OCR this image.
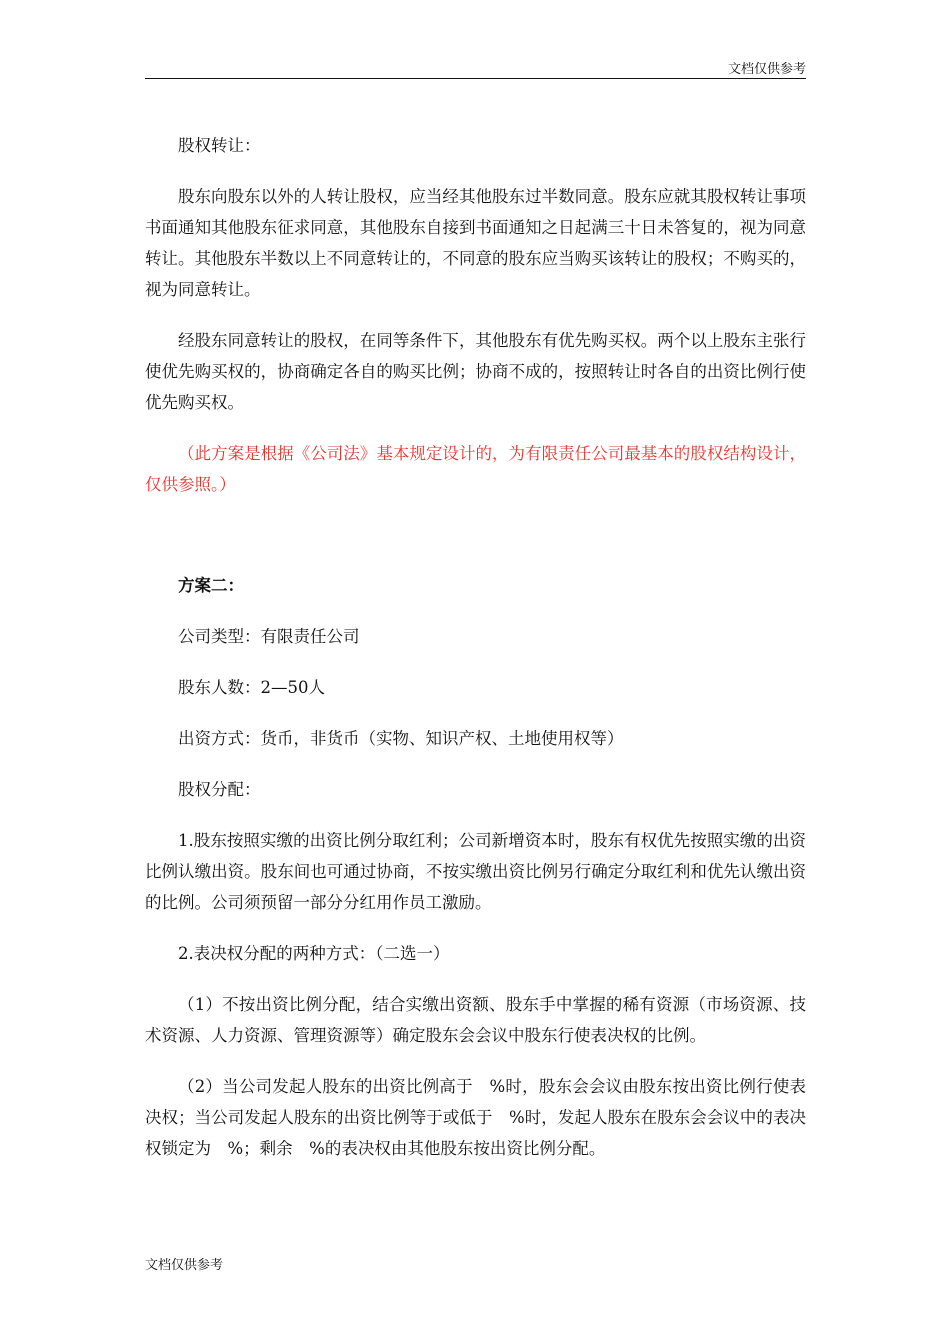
文档仅供参考

股权转让：

股东向股东以外的人转让股权，应当经其他股东过半数同意。股东应就其股权转让事项书面通知其他股东征求同意，其他股东自接到书面通知之日起满三十日未答复的，视为同意转让。其他股东半数以上不同意转让的，不同意的股东应当购买该转让的股权；不购买的，视为同意转让。

经股东同意转让的股权，在同等条件下，其他股东有优先购买权。两个以上股东主张行使优先购买权的，协商确定各自的购买比例；协商不成的，按照转让时各自的出资比例行使优先购买权。

（此方案是根据《公司法》基本规定设计的，为有限责任公司最基本的股权结构设计，仅供参照。）

方案二：

公司类型：有限责任公司

股东人数：2—50人

出资方式：货币，非货币（实物、知识产权、土地使用权等）

股权分配：

1.股东按照实缴的出资比例分取红利；公司新增资本时，股东有权优先按照实缴的出资比例认缴出资。股东间也可通过协商，不按实缴出资比例另行确定分取红利和优先认缴出资的比例。公司须预留一部分分红用作员工激励。

2.表决权分配的两种方式：（二选一）

（1）不按出资比例分配，结合实缴出资额、股东手中掌握的稀有资源（市场资源、技术资源、人力资源、管理资源等）确定股东会会议中股东行使表决权的比例。

（2）当公司发起人股东的出资比例高于　%时，股东会会议由股东按出资比例行使表决权；当公司发起人股东的出资比例等于或低于　%时，发起人股东在股东会会议中的表决权锁定为　%；剩余　%的表决权由其他股东按出资比例分配。

文档仅供参考
